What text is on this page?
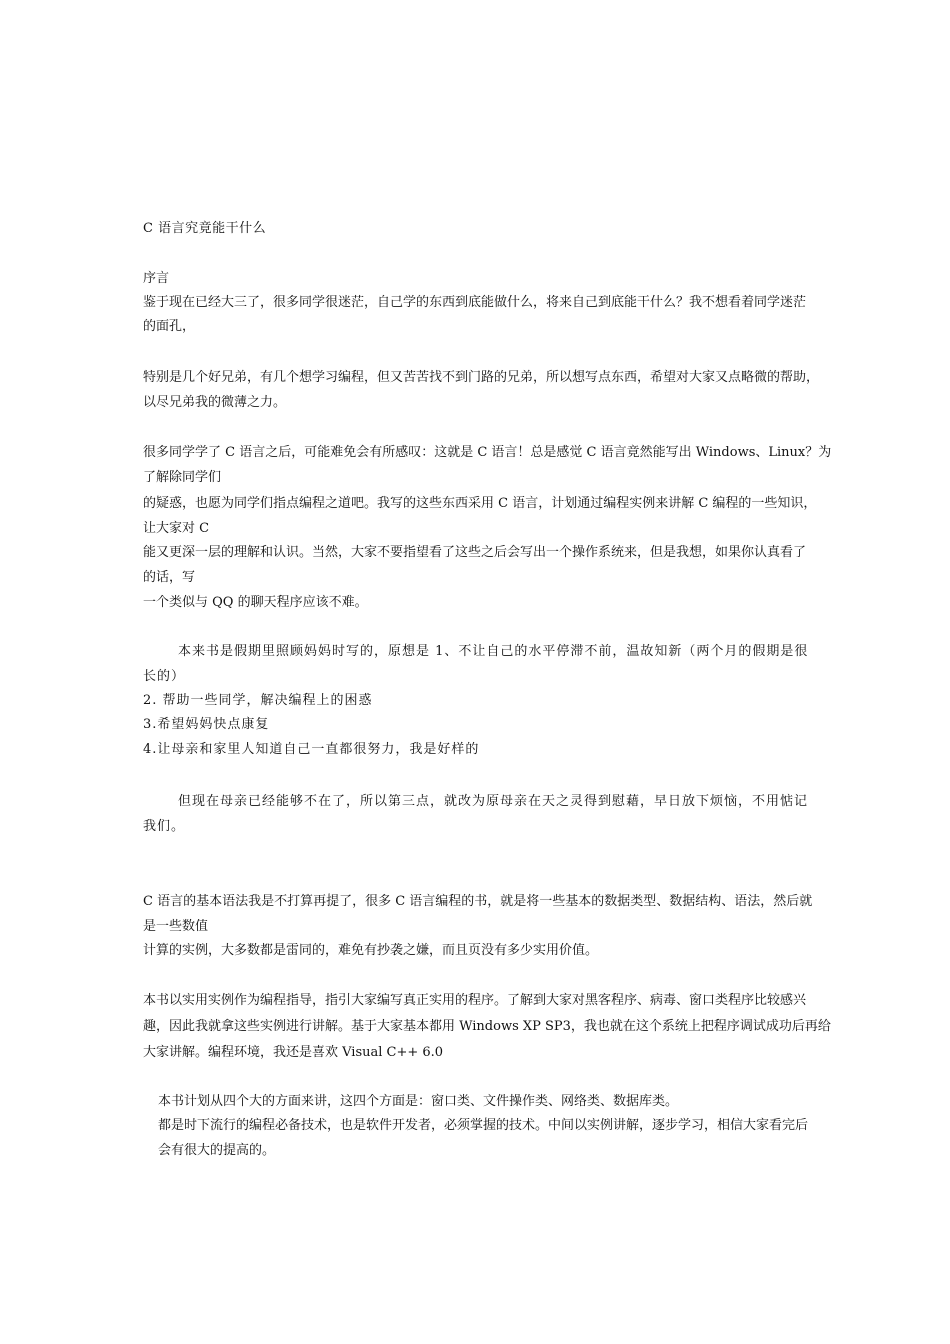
C 语言究竟能干什么
序言
鉴于现在已经大三了，很多同学很迷茫，自己学的东西到底能做什么，将来自己到底能干什么？我不想看着同学迷茫
的面孔，
特别是几个好兄弟，有几个想学习编程，但又苦苦找不到门路的兄弟，所以想写点东西，希望对大家又点略微的帮助，
以尽兄弟我的微薄之力。
很多同学学了 C 语言之后，可能难免会有所感叹：这就是 C 语言！总是感觉 C 语言竟然能写出 Windows、Linux？为
了解除同学们
的疑惑，也愿为同学们指点编程之道吧。我写的这些东西采用 C 语言，计划通过编程实例来讲解 C 编程的一些知识，
让大家对 C
能又更深一层的理解和认识。当然，大家不要指望看了这些之后会写出一个操作系统来，但是我想，如果你认真看了
的话，写
一个类似与 QQ 的聊天程序应该不难。
本来书是假期里照顾妈妈时写的，原想是 1、不让自己的水平停滞不前，温故知新（两个月的假期是很
长的）
2. 帮助一些同学，解决编程上的困惑
3.希望妈妈快点康复
4.让母亲和家里人知道自己一直都很努力，我是好样的
但现在母亲已经能够不在了，所以第三点，就改为原母亲在天之灵得到慰藉，早日放下烦恼，不用惦记
我们。
C 语言的基本语法我是不打算再提了，很多 C 语言编程的书，就是将一些基本的数据类型、数据结构、语法，然后就
是一些数值
计算的实例，大多数都是雷同的，难免有抄袭之嫌，而且页没有多少实用价值。
本书以实用实例作为编程指导，指引大家编写真正实用的程序。了解到大家对黑客程序、病毒、窗口类程序比较感兴
趣，因此我就拿这些实例进行讲解。基于大家基本都用 Windows XP SP3，我也就在这个系统上把程序调试成功后再给
大家讲解。编程环境，我还是喜欢 Visual C++ 6.0
本书计划从四个大的方面来讲，这四个方面是：窗口类、文件操作类、网络类、数据库类。
都是时下流行的编程必备技术，也是软件开发者，必须掌握的技术。中间以实例讲解，逐步学习，相信大家看完后
会有很大的提高的。
